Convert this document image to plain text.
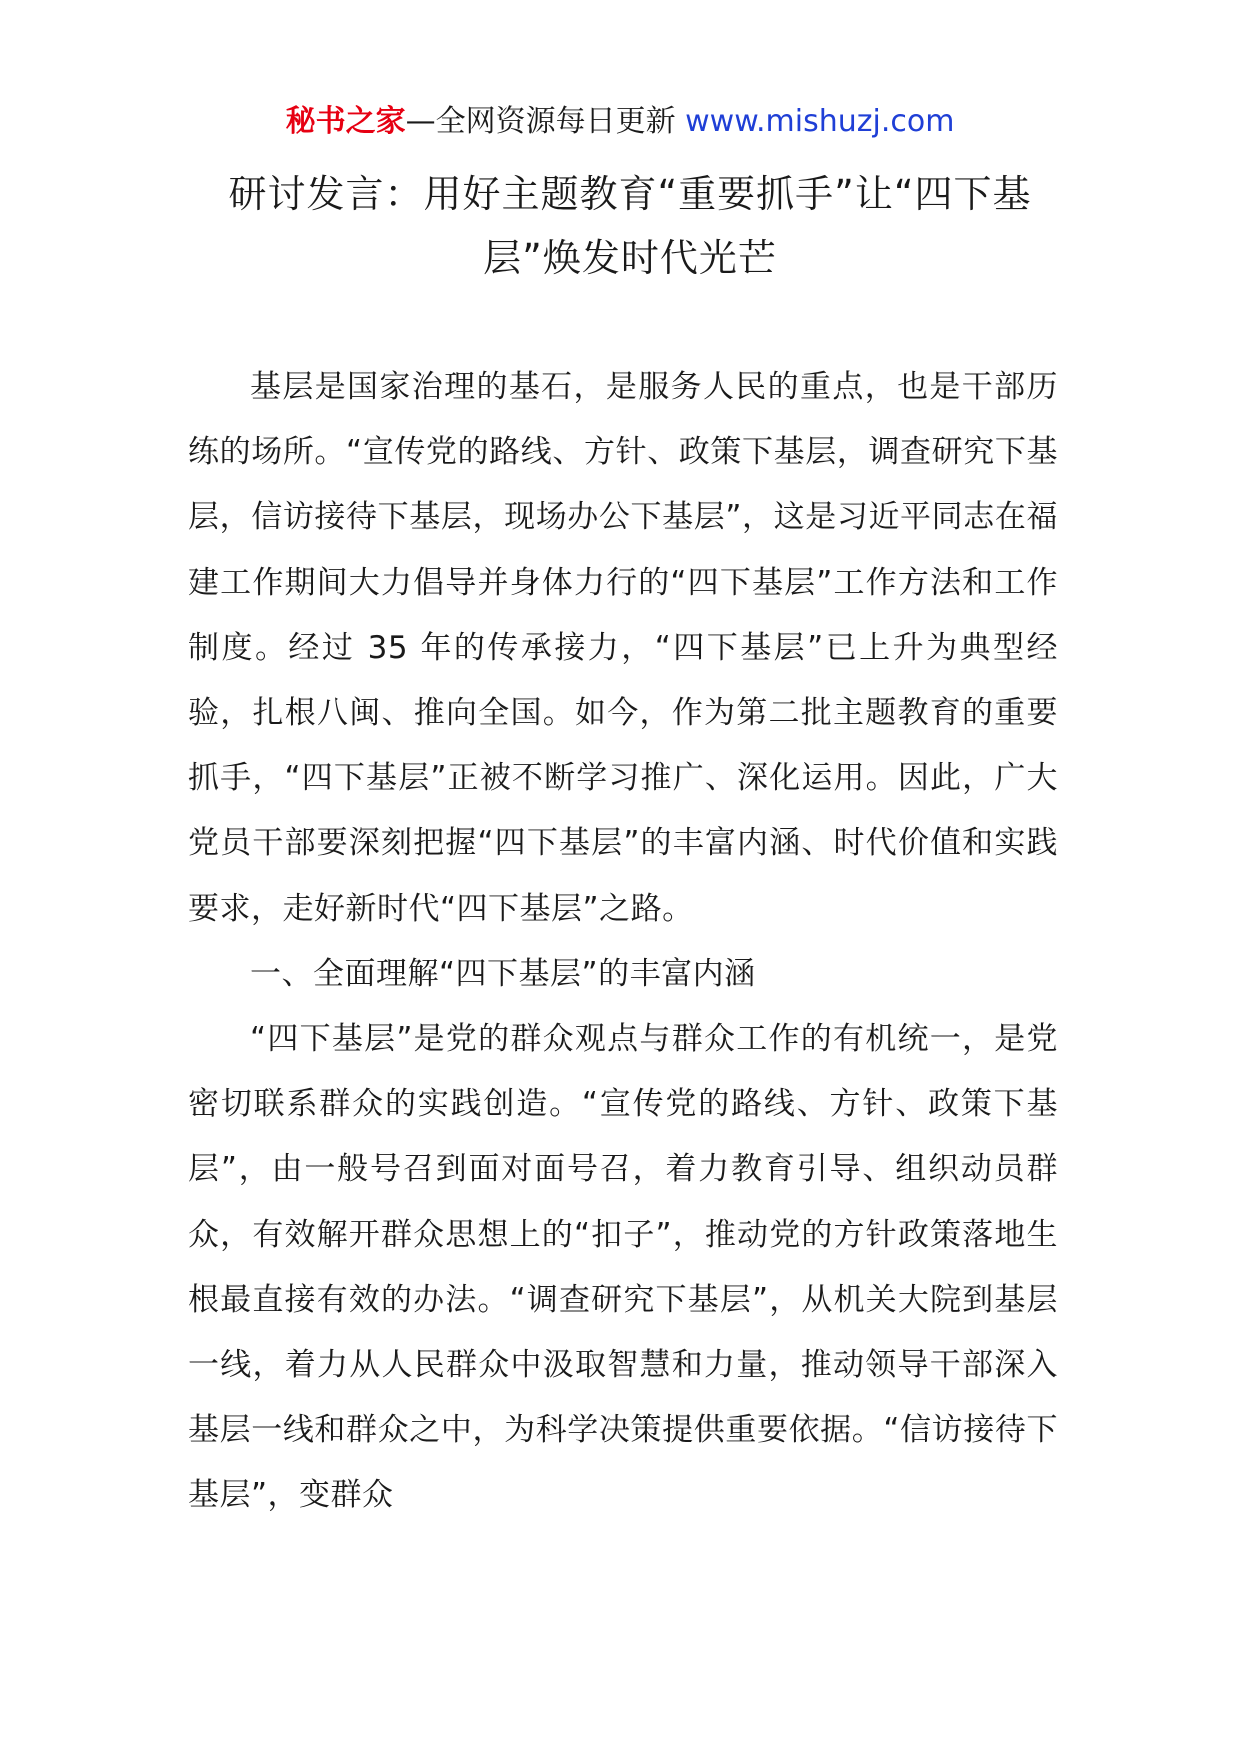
秘书之家—全网资源每日更新 www.mishuzj.com
研讨发言：用好主题教育“重要抓手”让“四下基层”焕发时代光芒

基层是国家治理的基石，是服务人民的重点，也是干部历练的场所。“宣传党的路线、方针、政策下基层，调查研究下基层，信访接待下基层，现场办公下基层”，这是习近平同志在福建工作期间大力倡导并身体力行的“四下基层”工作方法和工作制度。经过 35 年的传承接力，“四下基层”已上升为典型经验，扎根八闽、推向全国。如今，作为第二批主题教育的重要抓手，“四下基层”正被不断学习推广、深化运用。因此，广大党员干部要深刻把握“四下基层”的丰富内涵、时代价值和实践要求，走好新时代“四下基层”之路。

一、全面理解“四下基层”的丰富内涵

“四下基层”是党的群众观点与群众工作的有机统一，是党密切联系群众的实践创造。“宣传党的路线、方针、政策下基层”，由一般号召到面对面号召，着力教育引导、组织动员群众，有效解开群众思想上的“扣子”，推动党的方针政策落地生根最直接有效的办法。“调查研究下基层”，从机关大院到基层一线，着力从人民群众中汲取智慧和力量，推动领导干部深入基层一线和群众之中，为科学决策提供重要依据。“信访接待下基层”，变群众
